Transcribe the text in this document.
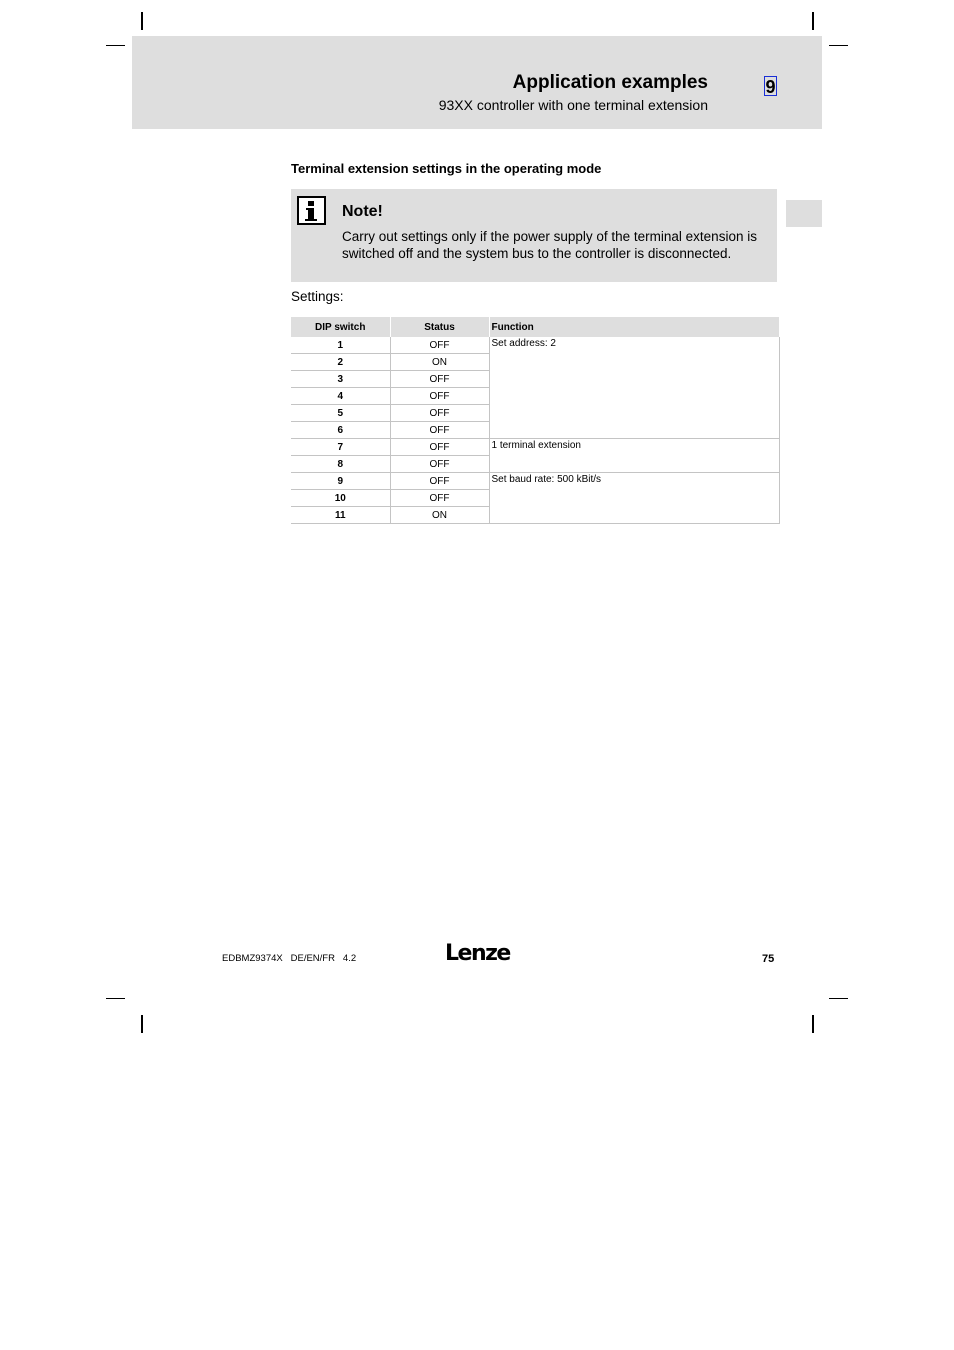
Application examples
93XX controller with one terminal extension
9
Terminal extension settings in the operating mode
Note!
Carry out settings only if the power supply of the terminal extension is switched off and the system bus to the controller is disconnected.
Settings:
DIP switch	Status	Function
1	OFF	Set address: 2
2	ON	
3	OFF	
4	OFF	
5	OFF	
6	OFF	
7	OFF	1 terminal extension
8	OFF	
9	OFF	Set baud rate: 500 kBit/s
10	OFF	
11	ON	
EDBMZ9374X   DE/EN/FR   4.2	Lenze	75
